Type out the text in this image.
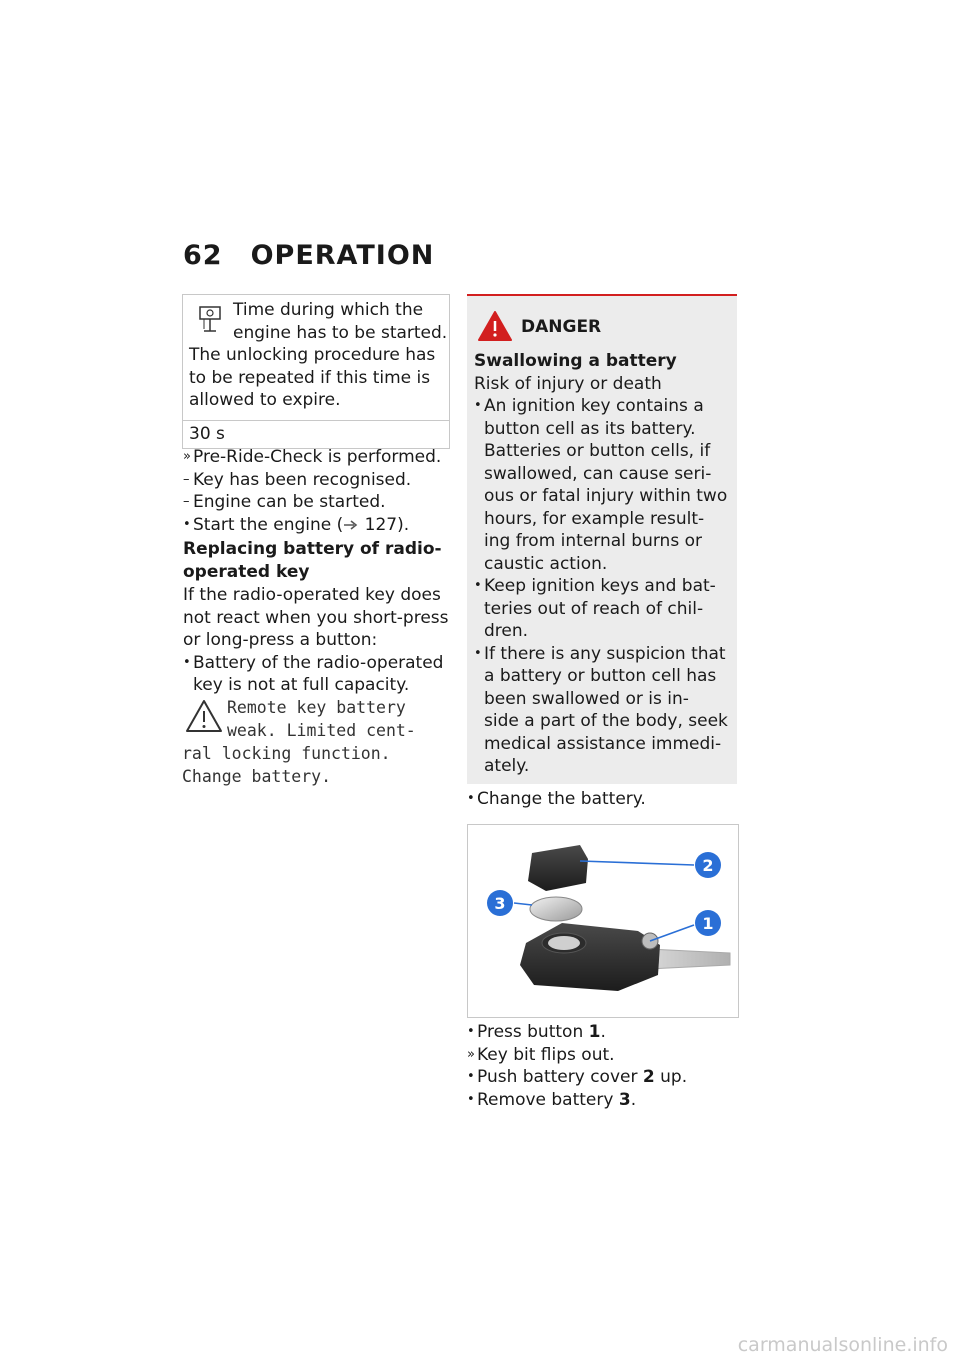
62 OPERATION
Time during which the
engine has to be started.
The unlocking procedure has
to be repeated if this time is
allowed to expire.
30 s
» Pre-Ride-Check is performed.
– Key has been recognised.
– Engine can be started.
• Start the engine ( 127).
Replacing battery of radio-
operated key
If the radio-operated key does
not react when you short-press
or long-press a button:
• Battery of the radio-operated
key is not at full capacity.
Remote key battery
weak. Limited cent-
ral locking function.
Change battery.
DANGER
Swallowing a battery
Risk of injury or death
• An ignition key contains a
button cell as its battery.
Batteries or button cells, if
swallowed, can cause seri-
ous or fatal injury within two
hours, for example result-
ing from internal burns or
caustic action.
• Keep ignition keys and bat-
teries out of reach of chil-
dren.
• If there is any suspicion that
a battery or button cell has
been swallowed or is in-
side a part of the body, seek
medical assistance immedi-
ately.
• Change the battery.
2
3
1
• Press button 1.
» Key bit flips out.
• Push battery cover 2 up.
• Remove battery 3.
carmanualsonline.info
